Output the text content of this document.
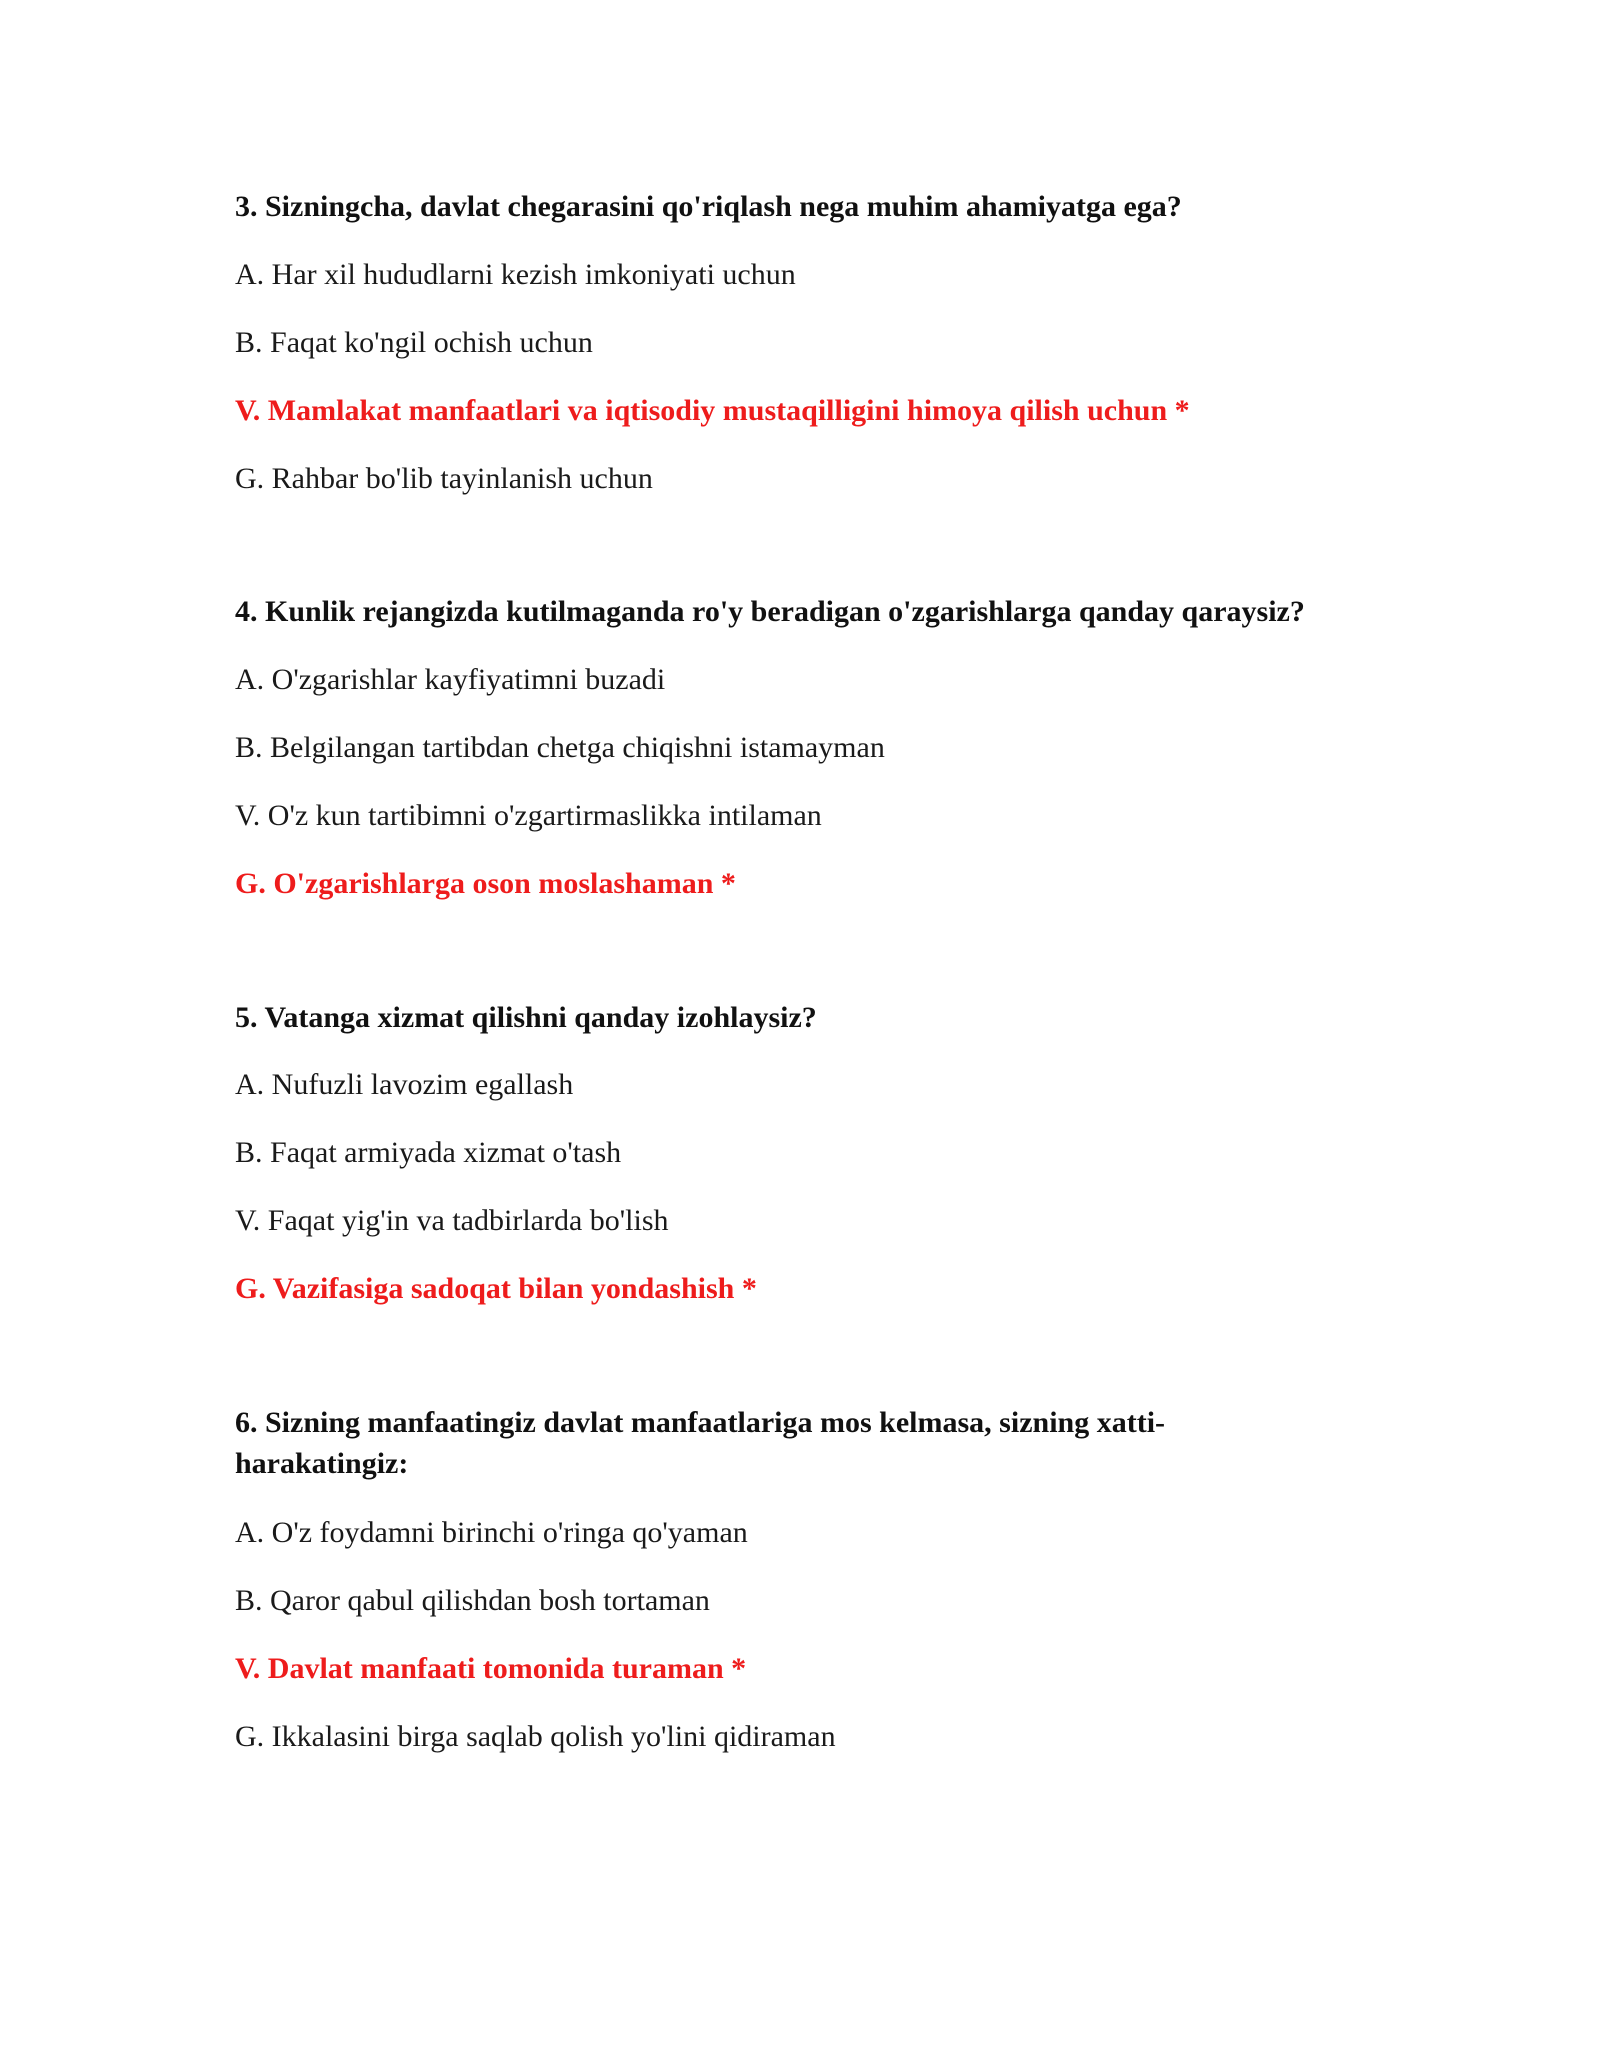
3. Sizningcha, davlat chegarasini qo'riqlash nega muhim ahamiyatga ega?

A. Har xil hududlarni kezish imkoniyati uchun

B. Faqat ko'ngil ochish uchun

V. Mamlakat manfaatlari va iqtisodiy mustaqilligini himoya qilish uchun *

G. Rahbar bo'lib tayinlanish uchun

4. Kunlik rejangizda kutilmaganda ro'y beradigan o'zgarishlarga qanday qaraysiz?

A. O'zgarishlar kayfiyatimni buzadi

B. Belgilangan tartibdan chetga chiqishni istamayman

V. O'z kun tartibimni o'zgartirmaslikka intilaman

G. O'zgarishlarga oson moslashaman *

5. Vatanga xizmat qilishni qanday izohlaysiz?

A. Nufuzli lavozim egallash

B. Faqat armiyada xizmat o'tash

V. Faqat yig'in va tadbirlarda bo'lish

G. Vazifasiga sadoqat bilan yondashish *

6. Sizning manfaatingiz davlat manfaatlariga mos kelmasa, sizning xatti-

harakatingiz:

A. O'z foydamni birinchi o'ringa qo'yaman

B. Qaror qabul qilishdan bosh tortaman

V. Davlat manfaati tomonida turaman *

G. Ikkalasini birga saqlab qolish yo'lini qidiraman
